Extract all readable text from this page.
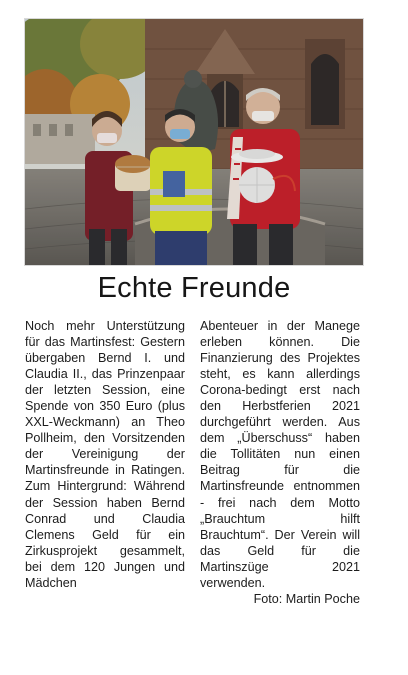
Echte Freunde
Noch mehr Unterstützung für das Martinsfest: Gestern übergaben Bernd I. und Claudia II., das Prinzenpaar der letzten Session, eine Spende von 350 Euro (plus XXL-Weckmann) an Theo Pollheim, den Vorsitzenden der Vereinigung der Martinsfreunde in Ratingen. Zum Hintergrund: Während der Session haben Bernd Conrad und Claudia Clemens Geld für ein Zirkusprojekt gesammelt, bei dem 120 Jungen und Mädchen
Abenteuer in der Manege erleben können. Die Finanzierung des Projektes steht, es kann allerdings Corona-bedingt erst nach den Herbstferien 2021 durchgeführt werden. Aus dem „Überschuss“ haben die Tollitäten nun einen Beitrag für die Martinsfreunde entnommen - frei nach dem Motto „Brauchtum hilft Brauchtum“. Der Verein will das Geld für die Martinszüge 2021 verwenden.
Foto: Martin Poche
